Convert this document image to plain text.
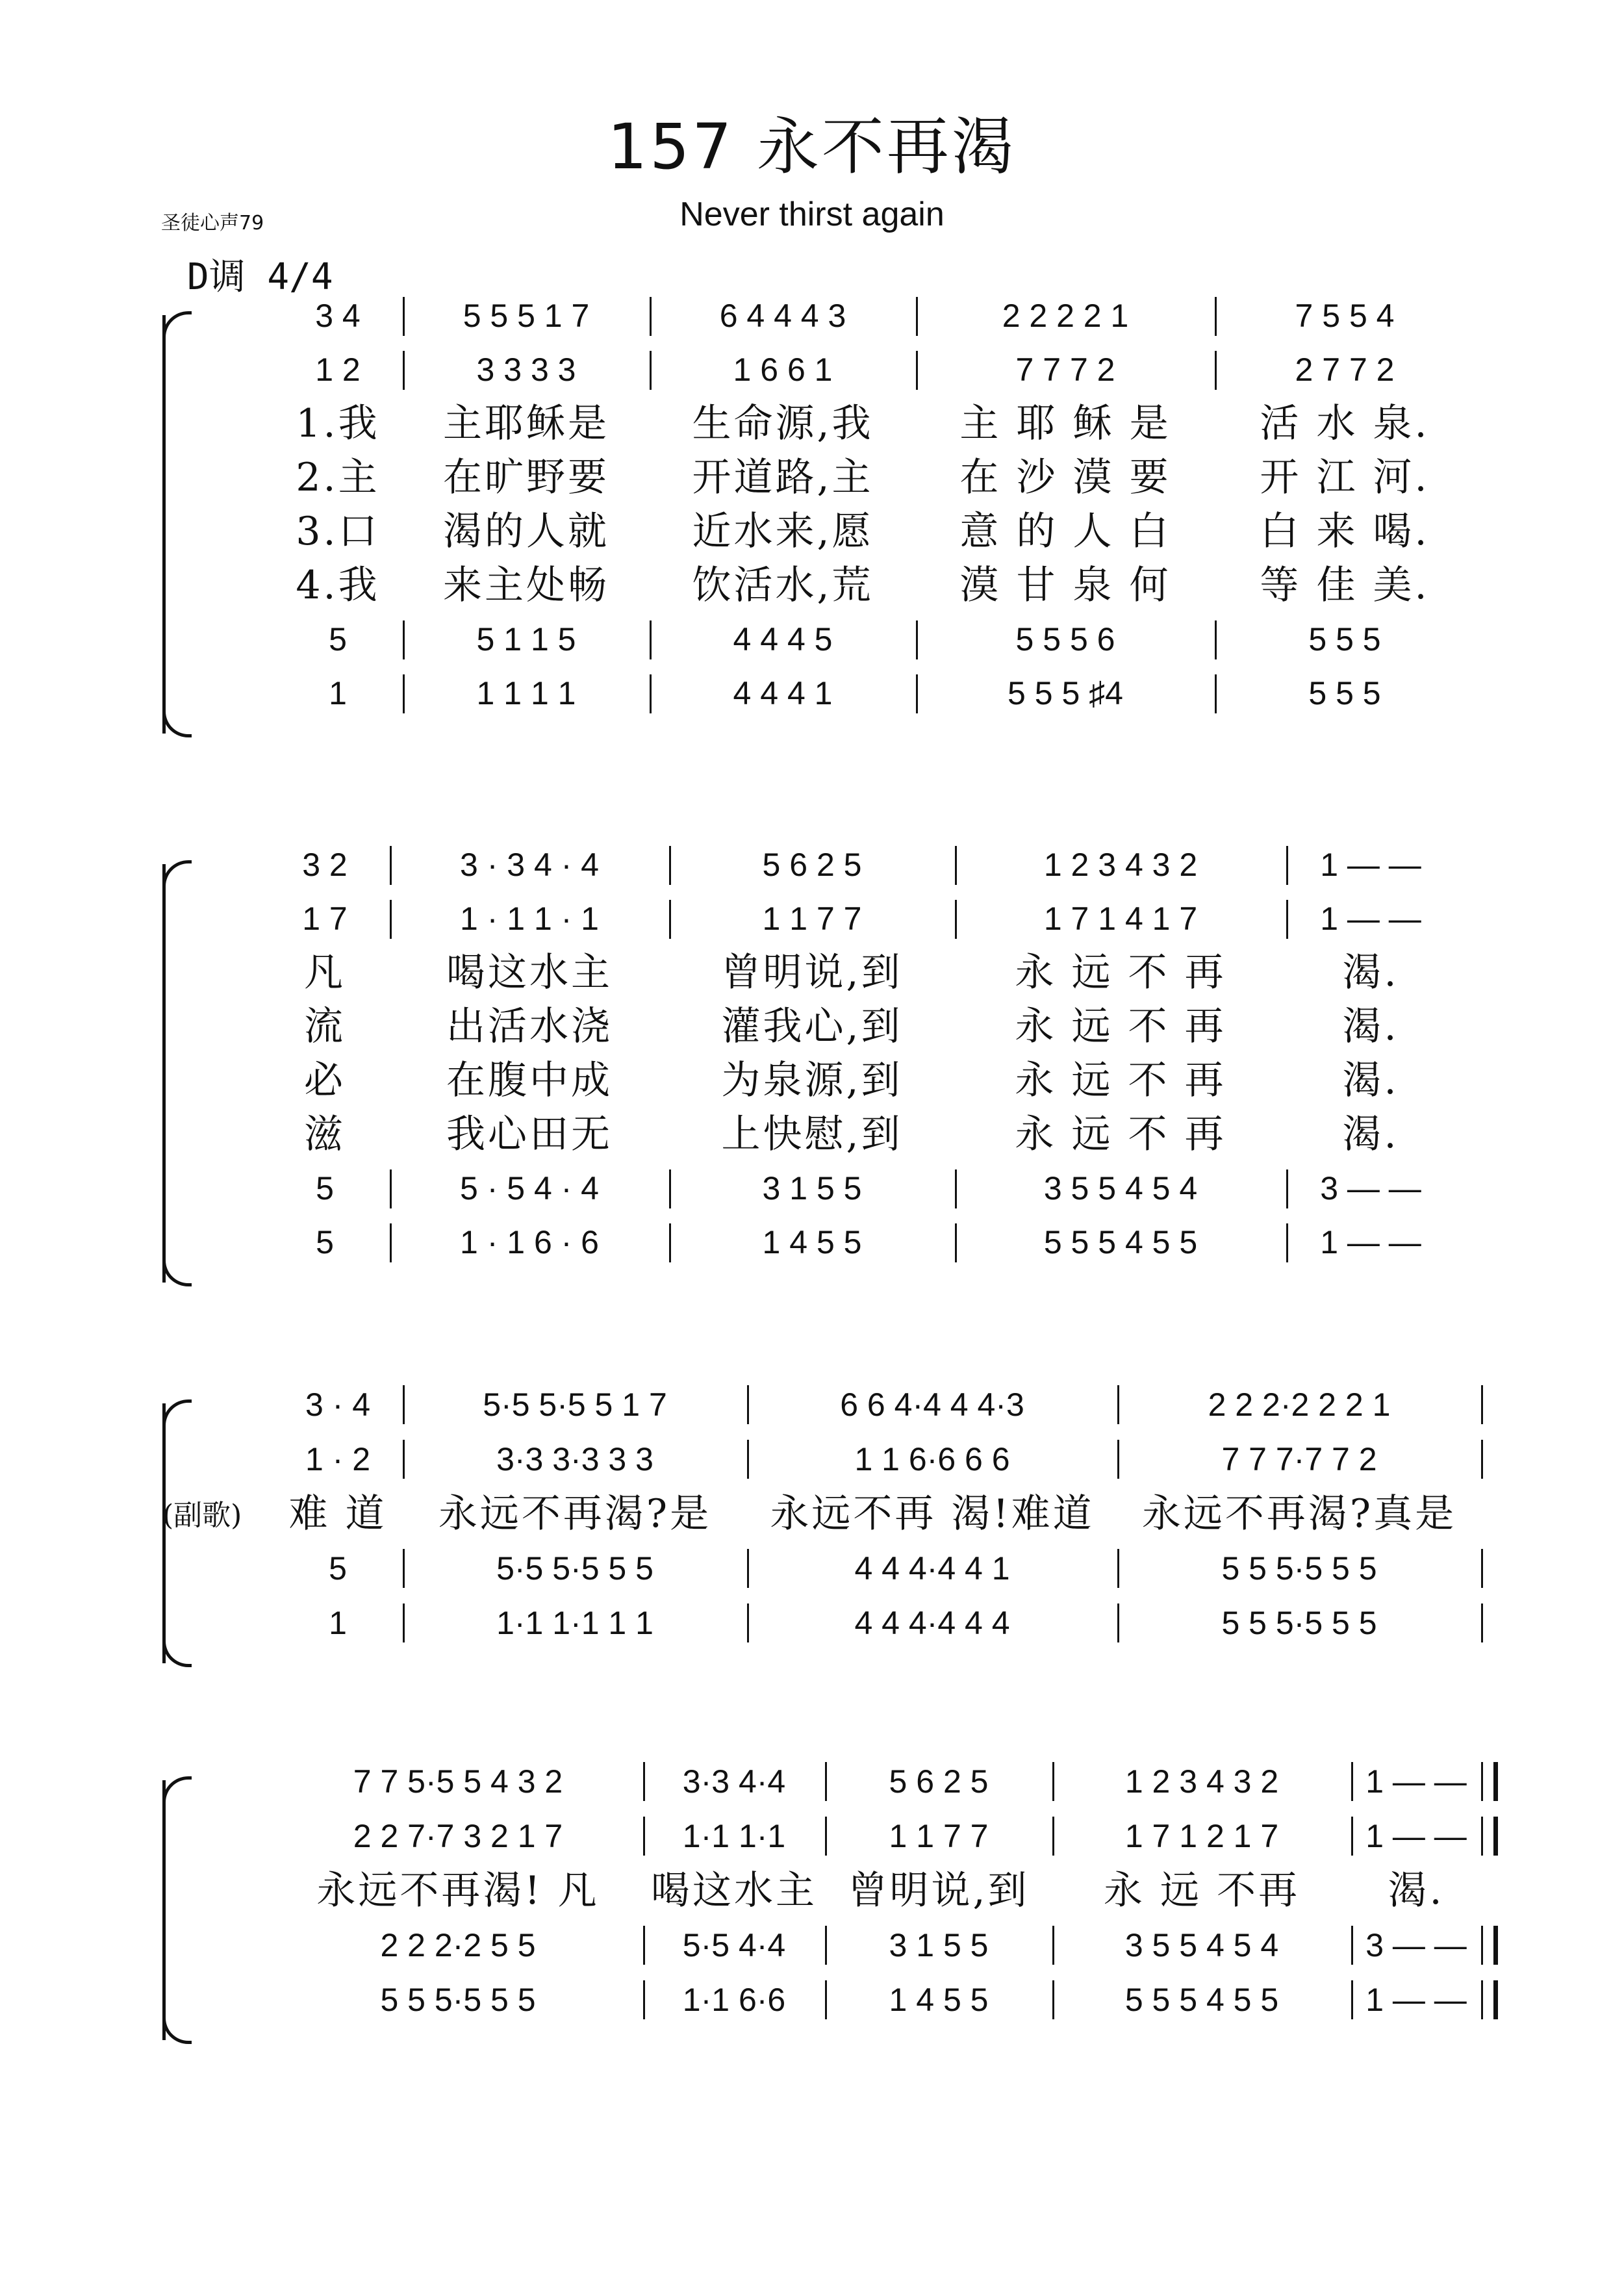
157 永不再渴
Never thirst again
圣徒心声79
D调 4/4
3 4	5 5 5 1 7	6 4 4 4 3	2 2 2 2 1	7 5 5 4
1 2	3 3 3 3	1 6 6 1	7 7 7 2	2 7 7 2
1.我	主耶稣是	生命源,我	主 耶 稣 是	活 水 泉.
2.主	在旷野要	开道路,主	在 沙 漠 要	开 江 河.
3.口	渴的人就	近水来,愿	意 的 人 白	白 来 喝.
4.我	来主处畅	饮活水,荒	漠 甘 泉 何	等 佳 美.
5	5 1 1 5	4 4 4 5	5 5 5 6	5 5 5
1	1 1 1 1	4 4 4 1	5 5 5 ♯4	5 5 5
3 2	3 · 3 4 · 4	5 6 2 5	1 2 3 4 3 2	1 — —
1 7	1 · 1 1 · 1	1 1 7 7	1 7 1 4 1 7	1 — —
凡	喝这水主	曾明说,到	永 远 不 再	渴.
流	出活水浇	灌我心,到	永 远 不 再	渴.
必	在腹中成	为泉源,到	永 远 不 再	渴.
滋	我心田无	上快慰,到	永 远 不 再	渴.
5	5 · 5 4 · 4	3 1 5 5	3 5 5 4 5 4	3 — —
5	1 · 1 6 · 6	1 4 5 5	5 5 5 4 5 5	1 — —
3 · 4	5·5 5·5 5 1 7	6 6 4·4 4 4·3	2 2 2·2 2 2 1
1 · 2	3·3 3·3 3 3	1 1 6·6 6 6	7 7 7·7 7 2
难 道	永远不再渴?是	永远不再 渴!难道	永远不再渴?真是
5	5·5 5·5 5 5	4 4 4·4 4 1	5 5 5·5 5 5
1	1·1 1·1 1 1	4 4 4·4 4 4	5 5 5·5 5 5
7 7 5·5 5 4 3 2	3·3 4·4	5 6 2 5	1 2 3 4 3 2	1 — —
2 2 7·7 3 2 1 7	1·1 1·1	1 1 7 7	1 7 1 2 1 7	1 — —
永远不再渴! 凡	喝这水主 曾明说,到	永 远 不再	渴.
2 2 2·2 5 5	5·5 4·4	3 1 5 5	3 5 5 4 5 4	3 — —
5 5 5·5 5 5	1·1 6·6	1 4 5 5	5 5 5 4 5 5	1 — —
(副歌)
